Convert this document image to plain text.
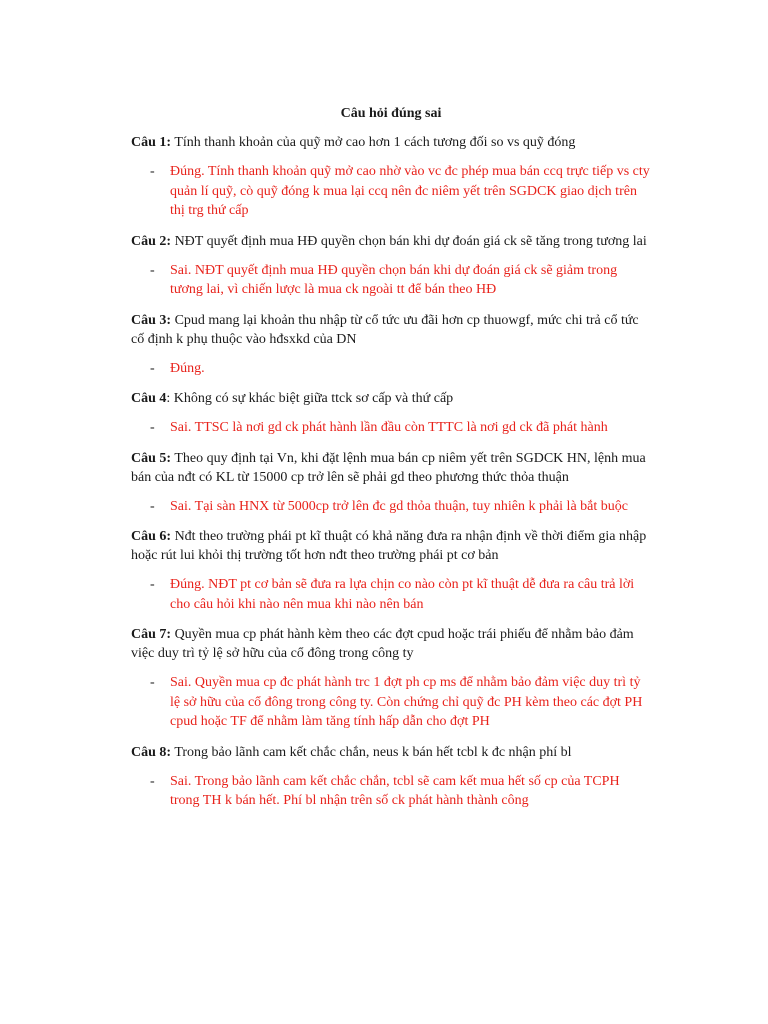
Câu hỏi đúng sai
Câu 1: Tính thanh khoản của quỹ mở cao hơn 1 cách tương đối so vs quỹ đóng
- Đúng. Tính thanh khoản quỹ mở cao nhờ vào vc đc phép mua bán ccq trực tiếp vs cty quản lí quỹ, cò quỹ đóng k mua lại ccq nên đc niêm yết trên SGDCK giao dịch trên thị trg thứ cấp
Câu 2: NĐT quyết định mua HĐ quyền chọn bán khi dự đoán giá ck sẽ tăng trong tương lai
- Sai. NĐT quyết định mua HĐ quyền chọn bán khi dự đoán giá ck sẽ giảm trong tương lai, vì chiến lược là mua ck ngoài tt để bán theo HĐ
Câu 3: Cpud mang lại khoản thu nhập từ cổ tức ưu đãi hơn cp thuowgf, mức chi trả cổ tức cố định k phụ thuộc vào hđsxkd của DN
- Đúng.
Câu 4: Không có sự khác biệt giữa ttck sơ cấp và thứ cấp
- Sai. TTSC là nơi gd ck phát hành lần đầu còn TTTC là nơi gd ck đã phát hành
Câu 5: Theo quy định tại Vn, khi đặt lệnh mua bán cp niêm yết trên SGDCK HN, lệnh mua bán của nđt có KL từ 15000 cp trở lên sẽ phải gd theo phương thức thỏa thuận
- Sai. Tại sàn HNX từ 5000cp trở lên đc gd thỏa thuận, tuy nhiên k phải là bắt buộc
Câu 6: Nđt theo trường phái pt kĩ thuật có khả năng đưa ra nhận định về thời điểm gia nhập hoặc rút lui khỏi thị trường tốt hơn nđt theo trường phái pt cơ bản
- Đúng. NĐT pt cơ bản sẽ đưa ra lựa chịn co nào còn pt kĩ thuật dễ đưa ra câu trả lời cho câu hỏi khi nào nên mua khi nào nên bán
Câu 7: Quyền mua cp phát hành kèm theo các đợt cpud hoặc trái phiếu để nhằm bảo đảm việc duy trì tỷ lệ sở hữu của cổ đông trong công ty
- Sai. Quyền mua cp đc phát hành trc 1 đợt ph cp ms để nhằm bảo đảm việc duy trì tỷ lệ sở hữu của cổ đông trong công ty. Còn chứng chỉ quỹ đc PH kèm theo các đợt PH cpud hoặc TF để nhằm làm tăng tính hấp dẫn cho đợt PH
Câu 8: Trong bảo lãnh cam kết chắc chắn, neus k bán hết tcbl k đc nhận phí bl
- Sai. Trong bảo lãnh cam kết chắc chắn, tcbl sẽ cam kết mua hết số cp của TCPH trong TH k bán hết. Phí bl nhận trên số ck phát hành thành công
